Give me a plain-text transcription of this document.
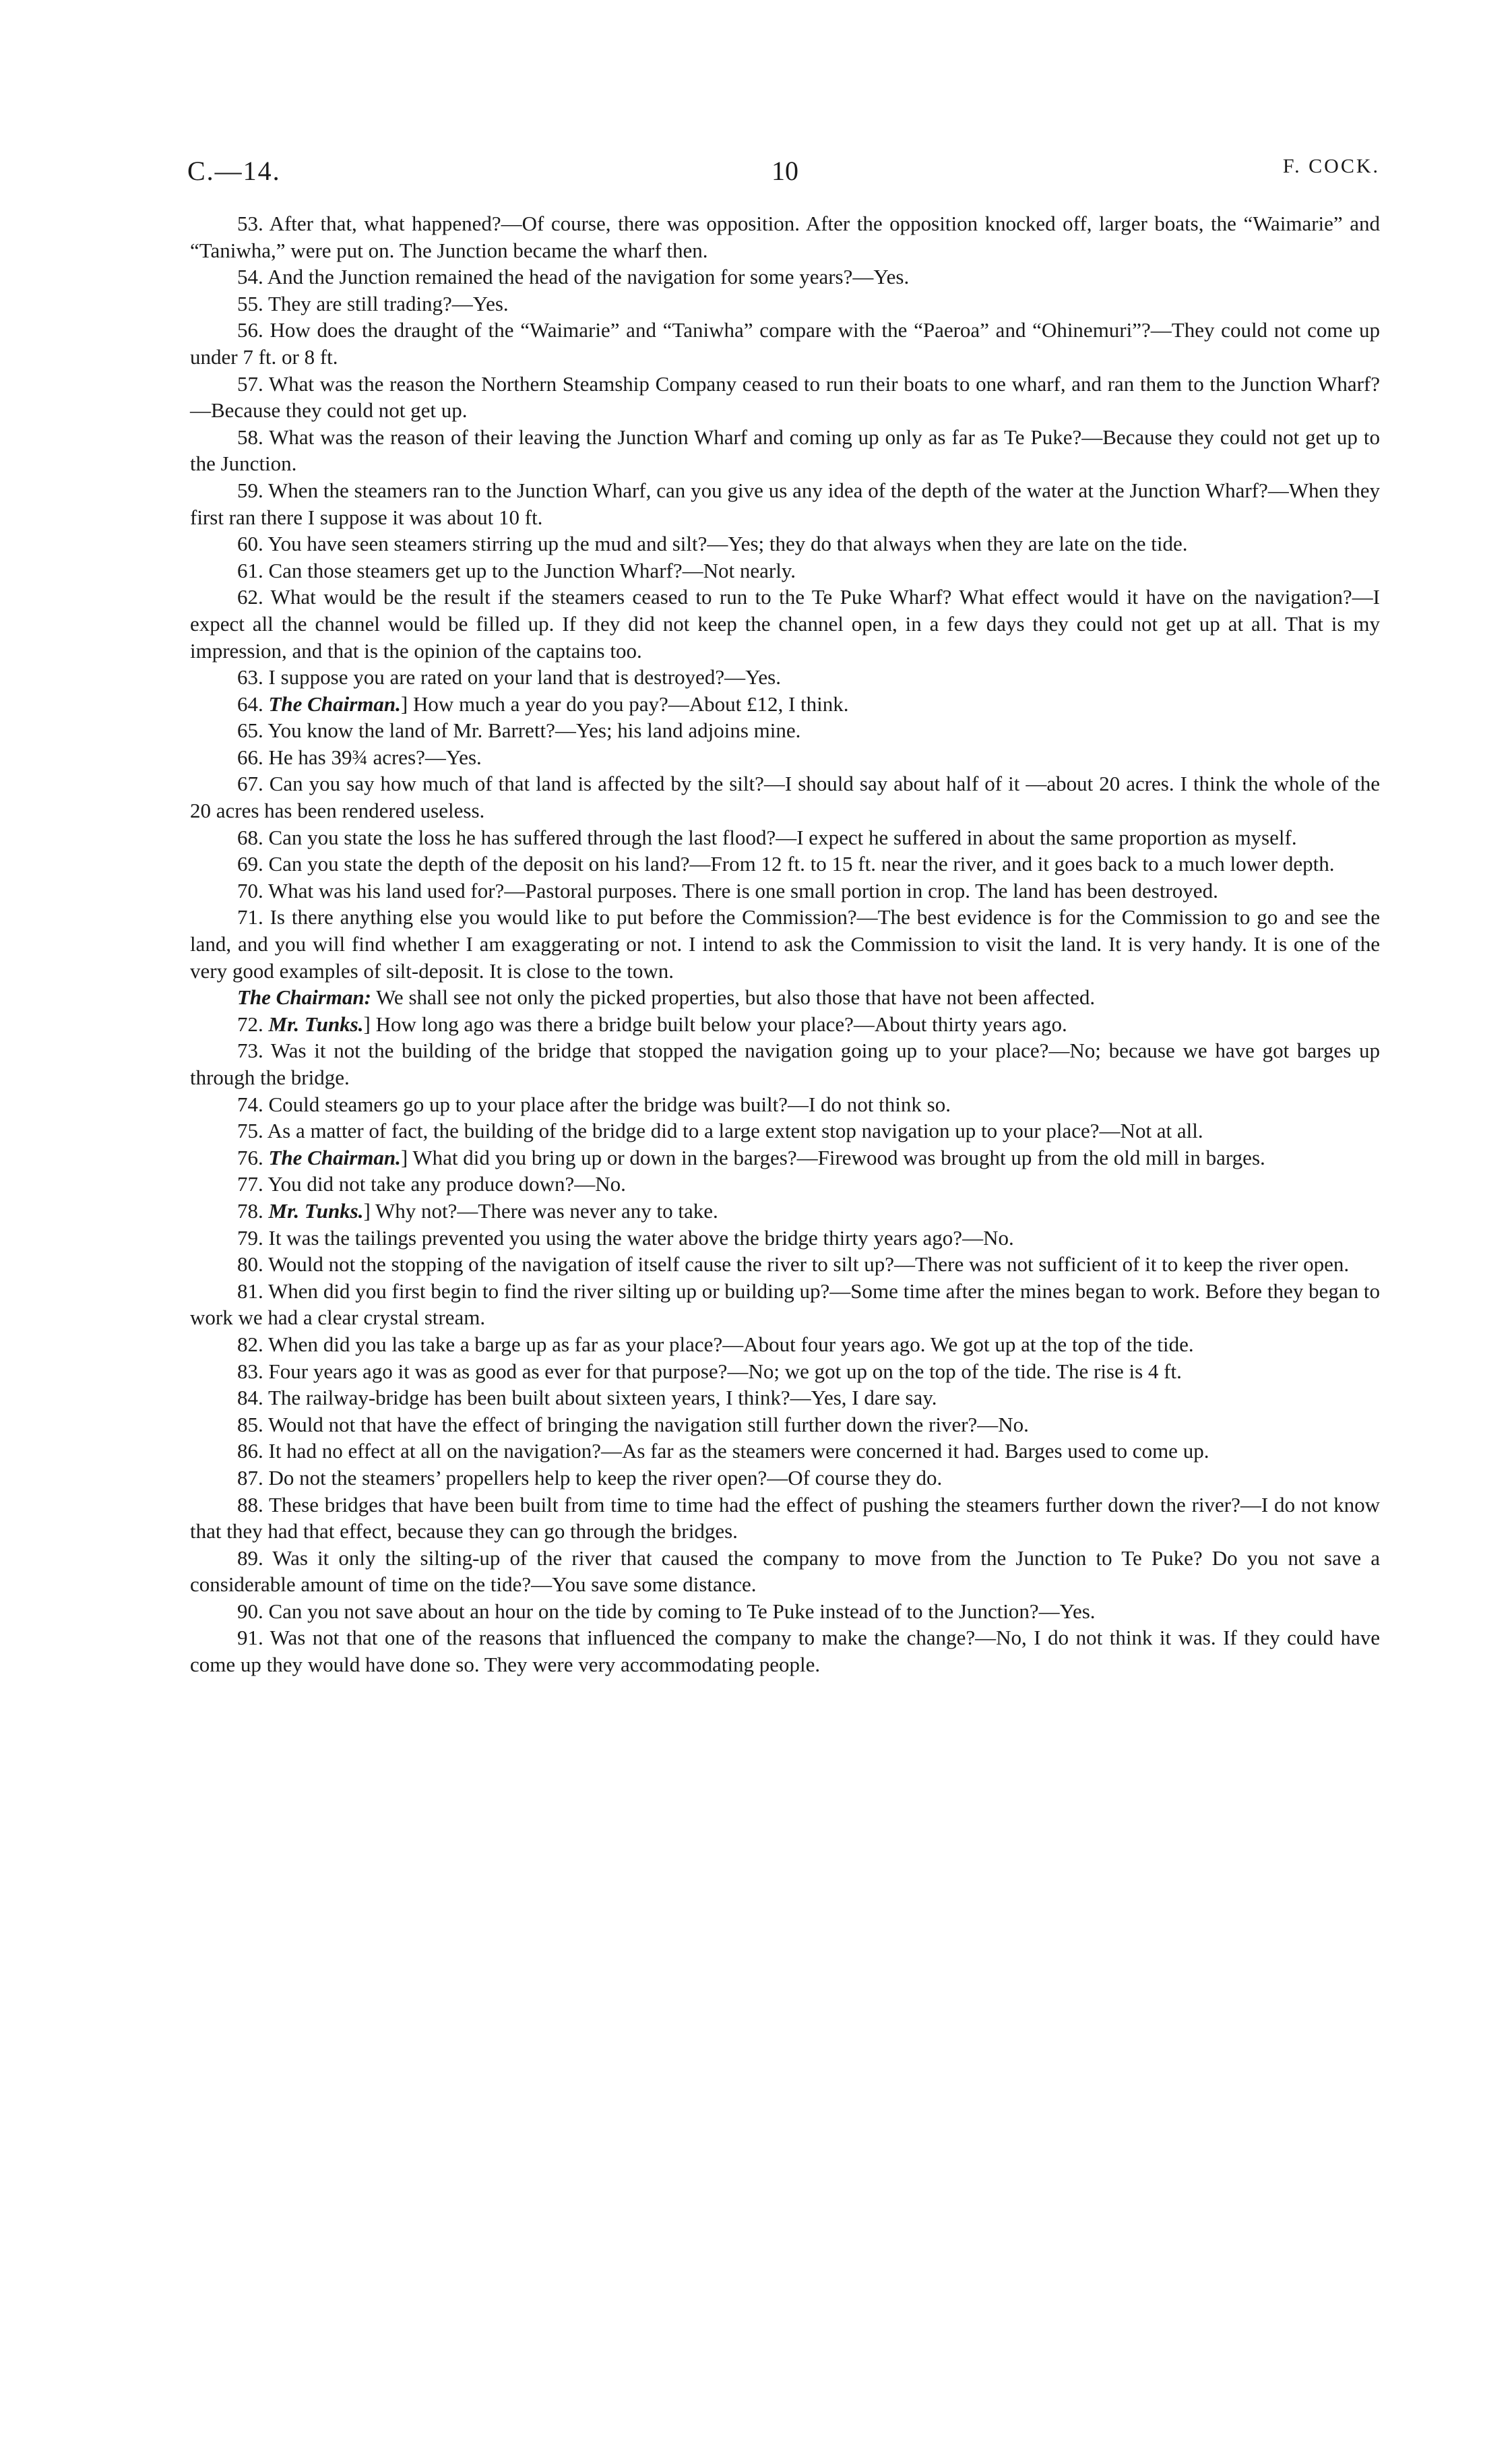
C.—14.	10	F. COCK.

53. After that, what happened?—Of course, there was opposition. After the opposition knocked off, larger boats, the “Waimarie” and “Taniwha,” were put on. The Junction became the wharf then.

54. And the Junction remained the head of the navigation for some years?—Yes.

55. They are still trading?—Yes.

56. How does the draught of the “Waimarie” and “Taniwha” compare with the “Paeroa” and “Ohinemuri”?—They could not come up under 7 ft. or 8 ft.

57. What was the reason the Northern Steamship Company ceased to run their boats to one wharf, and ran them to the Junction Wharf?—Because they could not get up.

58. What was the reason of their leaving the Junction Wharf and coming up only as far as Te Puke?—Because they could not get up to the Junction.

59. When the steamers ran to the Junction Wharf, can you give us any idea of the depth of the water at the Junction Wharf?—When they first ran there I suppose it was about 10 ft.

60. You have seen steamers stirring up the mud and silt?—Yes; they do that always when they are late on the tide.

61. Can those steamers get up to the Junction Wharf?—Not nearly.

62. What would be the result if the steamers ceased to run to the Te Puke Wharf? What effect would it have on the navigation?—I expect all the channel would be filled up. If they did not keep the channel open, in a few days they could not get up at all. That is my impression, and that is the opinion of the captains too.

63. I suppose you are rated on your land that is destroyed?—Yes.

64. The Chairman.] How much a year do you pay?—About £12, I think.

65. You know the land of Mr. Barrett?—Yes; his land adjoins mine.

66. He has 39¾ acres?—Yes.

67. Can you say how much of that land is affected by the silt?—I should say about half of it —about 20 acres. I think the whole of the 20 acres has been rendered useless.

68. Can you state the loss he has suffered through the last flood?—I expect he suffered in about the same proportion as myself.

69. Can you state the depth of the deposit on his land?—From 12 ft. to 15 ft. near the river, and it goes back to a much lower depth.

70. What was his land used for?—Pastoral purposes. There is one small portion in crop. The land has been destroyed.

71. Is there anything else you would like to put before the Commission?—The best evidence is for the Commission to go and see the land, and you will find whether I am exaggerating or not. I intend to ask the Commission to visit the land. It is very handy. It is one of the very good examples of silt-deposit. It is close to the town.

The Chairman: We shall see not only the picked properties, but also those that have not been affected.

72. Mr. Tunks.] How long ago was there a bridge built below your place?—About thirty years ago.

73. Was it not the building of the bridge that stopped the navigation going up to your place?—No; because we have got barges up through the bridge.

74. Could steamers go up to your place after the bridge was built?—I do not think so.

75. As a matter of fact, the building of the bridge did to a large extent stop navigation up to your place?—Not at all.

76. The Chairman.] What did you bring up or down in the barges?—Firewood was brought up from the old mill in barges.

77. You did not take any produce down?—No.

78. Mr. Tunks.] Why not?—There was never any to take.

79. It was the tailings prevented you using the water above the bridge thirty years ago?—No.

80. Would not the stopping of the navigation of itself cause the river to silt up?—There was not sufficient of it to keep the river open.

81. When did you first begin to find the river silting up or building up?—Some time after the mines began to work. Before they began to work we had a clear crystal stream.

82. When did you las take a barge up as far as your place?—About four years ago. We got up at the top of the tide.

83. Four years ago it was as good as ever for that purpose?—No; we got up on the top of the tide. The rise is 4 ft.

84. The railway-bridge has been built about sixteen years, I think?—Yes, I dare say.

85. Would not that have the effect of bringing the navigation still further down the river?—No.

86. It had no effect at all on the navigation?—As far as the steamers were concerned it had. Barges used to come up.

87. Do not the steamers’ propellers help to keep the river open?—Of course they do.

88. These bridges that have been built from time to time had the effect of pushing the steamers further down the river?—I do not know that they had that effect, because they can go through the bridges.

89. Was it only the silting-up of the river that caused the company to move from the Junction to Te Puke? Do you not save a considerable amount of time on the tide?—You save some distance.

90. Can you not save about an hour on the tide by coming to Te Puke instead of to the Junction?—Yes.

91. Was not that one of the reasons that influenced the company to make the change?—No, I do not think it was. If they could have come up they would have done so. They were very accommodating people.
